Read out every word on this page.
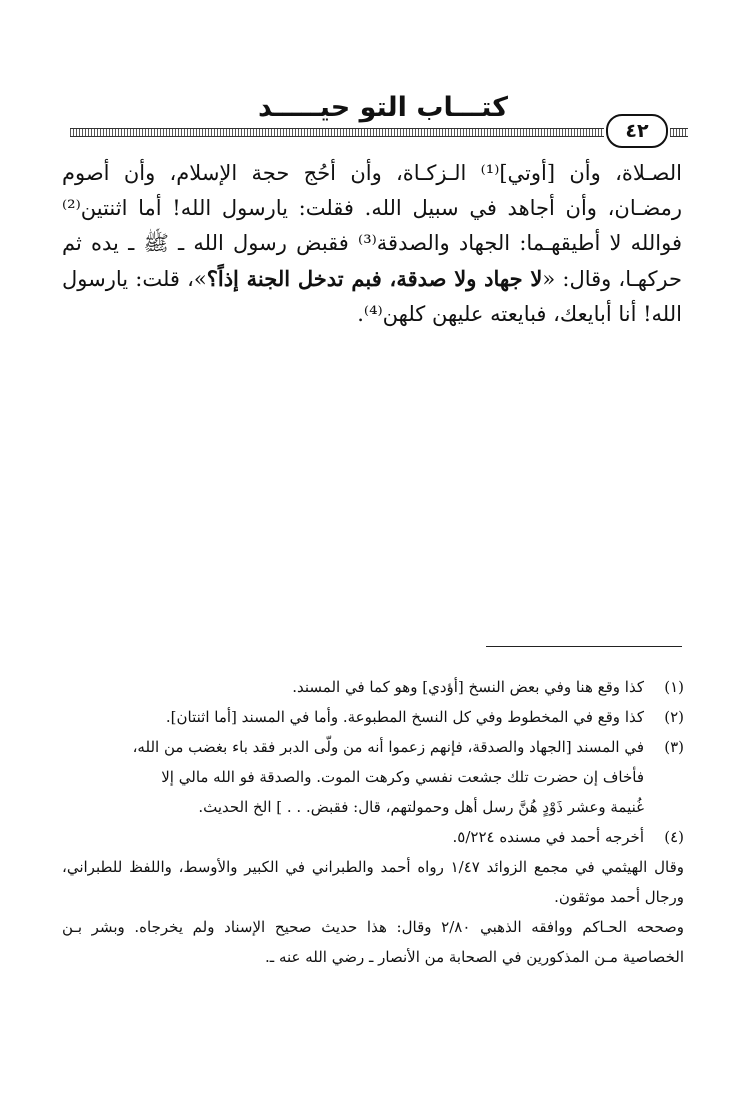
كتـــاب التو حيـــــد
٤٢

الصـلاة، وأن [أوتي]⁽¹⁾ الـزكـاة، وأن أحُج حجة الإسلام، وأن أصوم رمضـان، وأن أجاهد في سبيل الله. فقلت: يارسول الله! أما اثنتين⁽²⁾ فوالله لا أطيقهـما: الجهاد والصدقة⁽³⁾ فقبض رسول الله ـ ﷺ ـ يده ثم حركهـا، وقال: «لا جهاد ولا صدقة، فبم تدخل الجنة إذاً؟»، قلت: يارسول الله! أنا أبايعك، فبايعته عليهن كلهن⁽⁴⁾.

(١)
كذا وقع هنا وفي بعض النسخ [أؤدي] وهو كما في المسند.
(٢)
كذا وقع في المخطوط وفي كل النسخ المطبوعة. وأما في المسند [أما اثنتان].
(٣)
في المسند [الجهاد والصدقة، فإنهم زعموا أنه من ولّى الدبر فقد باء بغضب من الله،
فأخاف إن حضرت تلك جشعت نفسي وكرهت الموت. والصدقة فو الله مالي إلا
غُنيمة وعشر ذَوْدٍ هُنَّ رسل أهل وحمولتهم، قال: فقبض. . . ] الخ الحديث.
(٤)
أخرجه أحمد في مسنده ٥/٢٢٤.
وقال الهيثمي في مجمع الزوائد ١/٤٧ رواه أحمد والطبراني في الكبير والأوسط، واللفظ للطبراني، ورجال أحمد موثقون.
وصححه الحـاكم ووافقه الذهبي ٢/٨٠ وقال: هذا حديث صحيح الإسناد ولم يخرجاه. وبشر بـن الخصاصية مـن المذكورين في الصحابة من الأنصار ـ رضي الله عنه ـ.
